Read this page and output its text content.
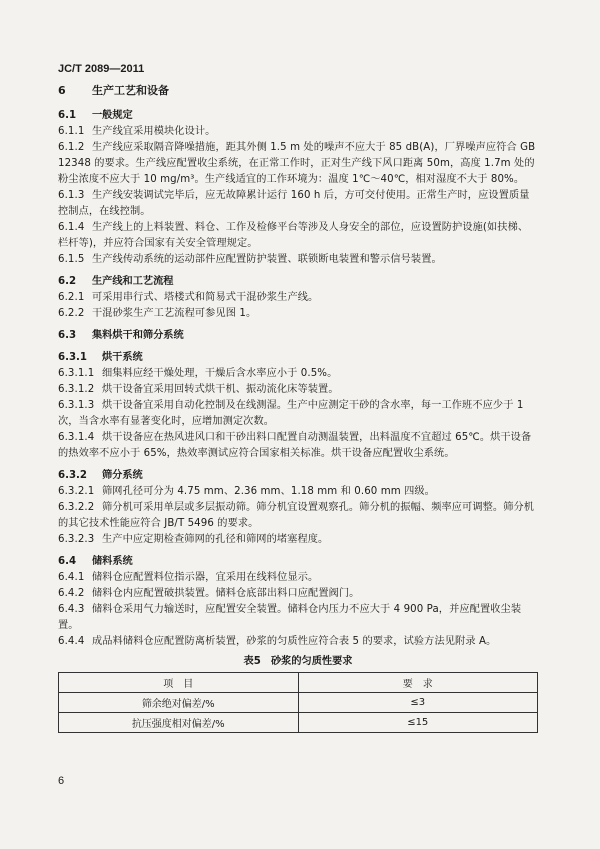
JC/T 2089—2011

6 生产工艺和设备

6.1 一般规定

6.1.1 生产线宜采用模块化设计。

6.1.2 生产线应采取隔音降噪措施，距其外侧 1.5 m 处的噪声不应大于 85 dB(A)，厂界噪声应符合 GB 12348 的要求。生产线应配置收尘系统，在正常工作时，正对生产线下风口距离 50m，高度 1.7m 处的粉尘浓度不应大于 10 mg/m³。生产线适宜的工作环境为：温度 1℃～40℃，相对湿度不大于 80%。

6.1.3 生产线安装调试完毕后，应无故障累计运行 160 h 后，方可交付使用。正常生产时，应设置质量控制点，在线控制。

6.1.4 生产线上的上料装置、料仓、工作及检修平台等涉及人身安全的部位，应设置防护设施(如扶梯、栏杆等)，并应符合国家有关安全管理规定。

6.1.5 生产线传动系统的运动部件应配置防护装置、联锁断电装置和警示信号装置。

6.2 生产线和工艺流程

6.2.1 可采用串行式、塔楼式和简易式干混砂浆生产线。

6.2.2 干混砂浆生产工艺流程可参见图 1。

6.3 集料烘干和筛分系统

6.3.1 烘干系统

6.3.1.1 细集料应经干燥处理，干燥后含水率应小于 0.5%。

6.3.1.2 烘干设备宜采用回转式烘干机、振动流化床等装置。

6.3.1.3 烘干设备宜采用自动化控制及在线测湿。生产中应测定干砂的含水率，每一工作班不应少于 1 次，当含水率有显著变化时，应增加测定次数。

6.3.1.4 烘干设备应在热风进风口和干砂出料口配置自动测温装置，出料温度不宜超过 65℃。烘干设备的热效率不应小于 65%，热效率测试应符合国家相关标准。烘干设备应配置收尘系统。

6.3.2 筛分系统

6.3.2.1 筛网孔径可分为 4.75 mm、2.36 mm、1.18 mm 和 0.60 mm 四级。

6.3.2.2 筛分机可采用单层或多层振动筛。筛分机宜设置观察孔。筛分机的振幅、频率应可调整。筛分机的其它技术性能应符合 JB/T 5496 的要求。

6.3.2.3 生产中应定期检查筛网的孔径和筛网的堵塞程度。

6.4 储料系统

6.4.1 储料仓应配置料位指示器，宜采用在线料位显示。

6.4.2 储料仓内应配置破拱装置。储料仓底部出料口应配置阀门。

6.4.3 储料仓采用气力输送时，应配置安全装置。储料仓内压力不应大于 4 900 Pa，并应配置收尘装置。

6.4.4 成品料储料仓应配置防离析装置，砂浆的匀质性应符合表 5 的要求，试验方法见附录 A。

表5　砂浆的匀质性要求
项　目	要　求
筛余绝对偏差/%	≤3
抗压强度相对偏差/%	≤15
6
